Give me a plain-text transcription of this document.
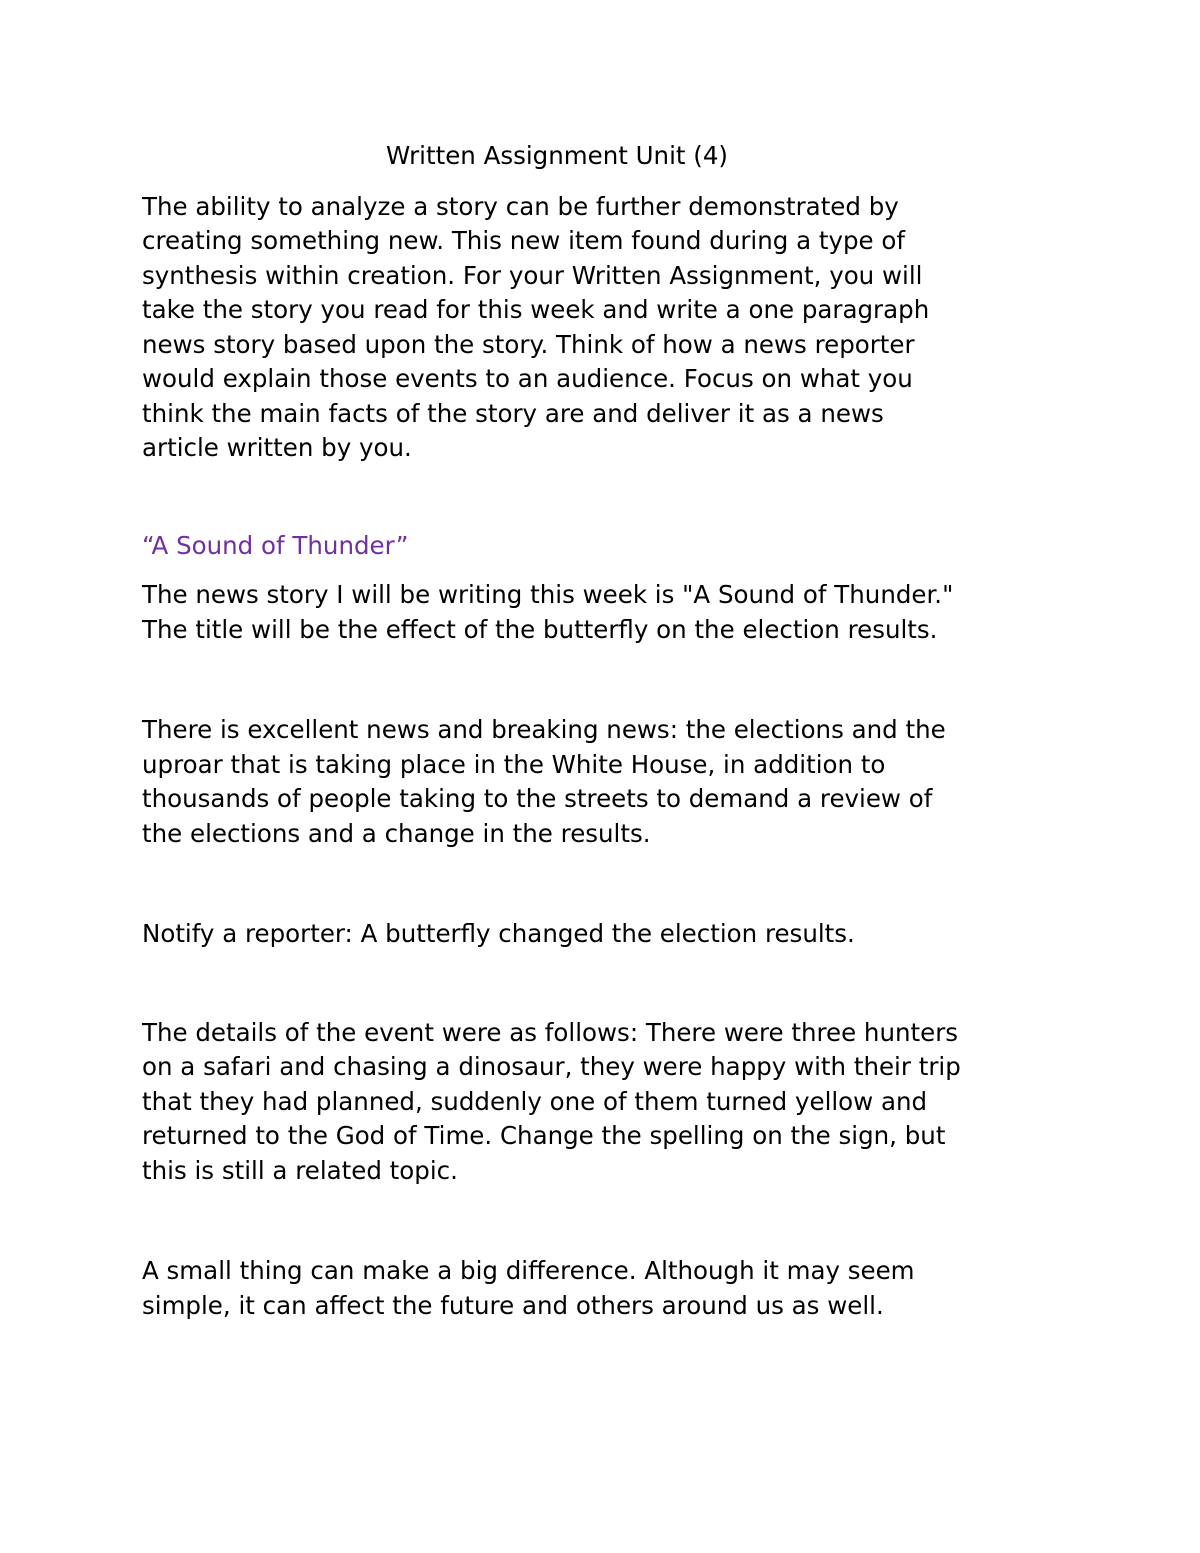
Written Assignment Unit (4)

The ability to analyze a story can be further demonstrated by
creating something new. This new item found during a type of
synthesis within creation. For your Written Assignment, you will
take the story you read for this week and write a one paragraph
news story based upon the story. Think of how a news reporter
would explain those events to an audience. Focus on what you
think the main facts of the story are and deliver it as a news
article written by you.

“A Sound of Thunder”

The news story I will be writing this week is "A Sound of Thunder."
The title will be the effect of the butterfly on the election results.

There is excellent news and breaking news: the elections and the
uproar that is taking place in the White House, in addition to
thousands of people taking to the streets to demand a review of
the elections and a change in the results.

Notify a reporter: A butterfly changed the election results.

The details of the event were as follows: There were three hunters
on a safari and chasing a dinosaur, they were happy with their trip
that they had planned, suddenly one of them turned yellow and
returned to the God of Time. Change the spelling on the sign, but
this is still a related topic.

A small thing can make a big difference. Although it may seem
simple, it can affect the future and others around us as well.
